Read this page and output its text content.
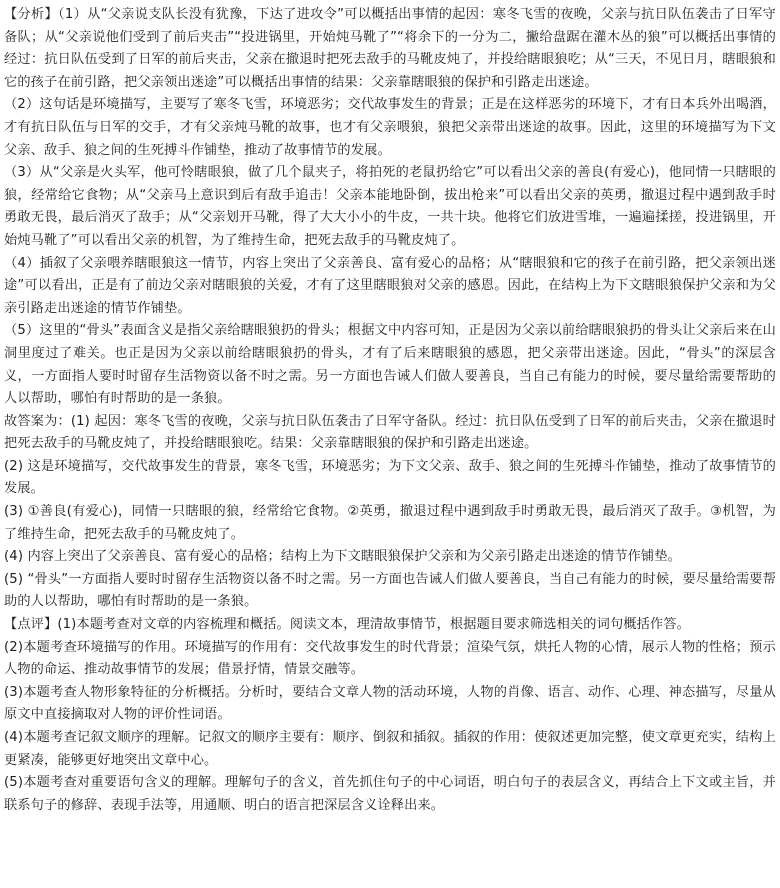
【分析】（1）从“父亲说支队长没有犹豫，下达了进攻令”可以概括出事情的起因：寒冬飞雪的夜晚，父亲与抗日队伍袭击了日军守备队；从“父亲说他们受到了前后夹击”“投进锅里，开始炖马靴了”“将余下的一分为二，撇给盘踞在灌木丛的狼”可以概括出事情的经过：抗日队伍受到了日军的前后夹击，父亲在撤退时把死去敌手的马靴皮炖了，并投给瞎眼狼吃；从“三天，不见日月，瞎眼狼和它的孩子在前引路，把父亲领出迷途”可以概括出事情的结果：父亲靠瞎眼狼的保护和引路走出迷途。

（2）这句话是环境描写，主要写了寒冬飞雪，环境恶劣；交代故事发生的背景；正是在这样恶劣的环境下，才有日本兵外出喝酒，才有抗日队伍与日军的交手，才有父亲炖马靴的故事，也才有父亲喂狼，狼把父亲带出迷途的故事。因此，这里的环境描写为下文父亲、敌手、狼之间的生死搏斗作铺垫，推动了故事情节的发展。

（3）从“父亲是火头军，他可怜瞎眼狼，做了几个鼠夹子，将拍死的老鼠扔给它”可以看出父亲的善良(有爱心)，他同情一只瞎眼的狼，经常给它食物；从“父亲马上意识到后有敌手追击！父亲本能地卧倒，拔出枪来”可以看出父亲的英勇，撤退过程中遇到敌手时勇敢无畏，最后消灭了敌手；从“父亲划开马靴，得了大大小小的牛皮，一共十块。他将它们放进雪堆，一遍遍揉搓，投进锅里，开始炖马靴了”可以看出父亲的机智，为了维持生命，把死去敌手的马靴皮炖了。

（4）插叙了父亲喂养瞎眼狼这一情节，内容上突出了父亲善良、富有爱心的品格；从“瞎眼狼和它的孩子在前引路，把父亲领出迷途”可以看出，正是有了前边父亲对瞎眼狼的关爱，才有了这里瞎眼狼对父亲的感恩。因此，在结构上为下文瞎眼狼保护父亲和为父亲引路走出迷途的情节作铺垫。

（5）这里的“骨头”表面含义是指父亲给瞎眼狼扔的骨头；根据文中内容可知，正是因为父亲以前给瞎眼狼扔的骨头让父亲后来在山洞里度过了难关。也正是因为父亲以前给瞎眼狼扔的骨头，才有了后来瞎眼狼的感恩，把父亲带出迷途。因此，“骨头”的深层含义，一方面指人要时时留存生活物资以备不时之需。另一方面也告诫人们做人要善良，当自己有能力的时候，要尽量给需要帮助的人以帮助，哪怕有时帮助的是一条狼。

故答案为：(1) 起因：寒冬飞雪的夜晚，父亲与抗日队伍袭击了日军守备队。经过：抗日队伍受到了日军的前后夹击，父亲在撤退时把死去敌手的马靴皮炖了，并投给瞎眼狼吃。结果：父亲靠瞎眼狼的保护和引路走出迷途。

(2) 这是环境描写，交代故事发生的背景，寒冬飞雪，环境恶劣；为下文父亲、敌手、狼之间的生死搏斗作铺垫，推动了故事情节的发展。

(3) ①善良(有爱心)，同情一只瞎眼的狼，经常给它食物。②英勇，撤退过程中遇到敌手时勇敢无畏，最后消灭了敌手。③机智，为了维持生命，把死去敌手的马靴皮炖了。

(4) 内容上突出了父亲善良、富有爱心的品格；结构上为下文瞎眼狼保护父亲和为父亲引路走出迷途的情节作铺垫。

(5) “骨头”一方面指人要时时留存生活物资以备不时之需。另一方面也告诫人们做人要善良，当自己有能力的时候，要尽量给需要帮助的人以帮助，哪怕有时帮助的是一条狼。

【点评】(1)本题考查对文章的内容梳理和概括。阅读文本，理清故事情节，根据题目要求筛选相关的词句概括作答。

(2)本题考查环境描写的作用。环境描写的作用有：交代故事发生的时代背景；渲染气氛，烘托人物的心情，展示人物的性格；预示人物的命运、推动故事情节的发展；借景抒情，情景交融等。

(3)本题考查人物形象特征的分析概括。分析时，要结合文章人物的活动环境，人物的肖像、语言、动作、心理、神态描写，尽量从原文中直接摘取对人物的评价性词语。

(4)本题考查记叙文顺序的理解。记叙文的顺序主要有：顺序、倒叙和插叙。插叙的作用：使叙述更加完整，使文章更充实，结构上更紧凑，能够更好地突出文章中心。

(5)本题考查对重要语句含义的理解。理解句子的含义，首先抓住句子的中心词语，明白句子的表层含义，再结合上下文或主旨，并联系句子的修辞、表现手法等，用通顺、明白的语言把深层含义诠释出来。
